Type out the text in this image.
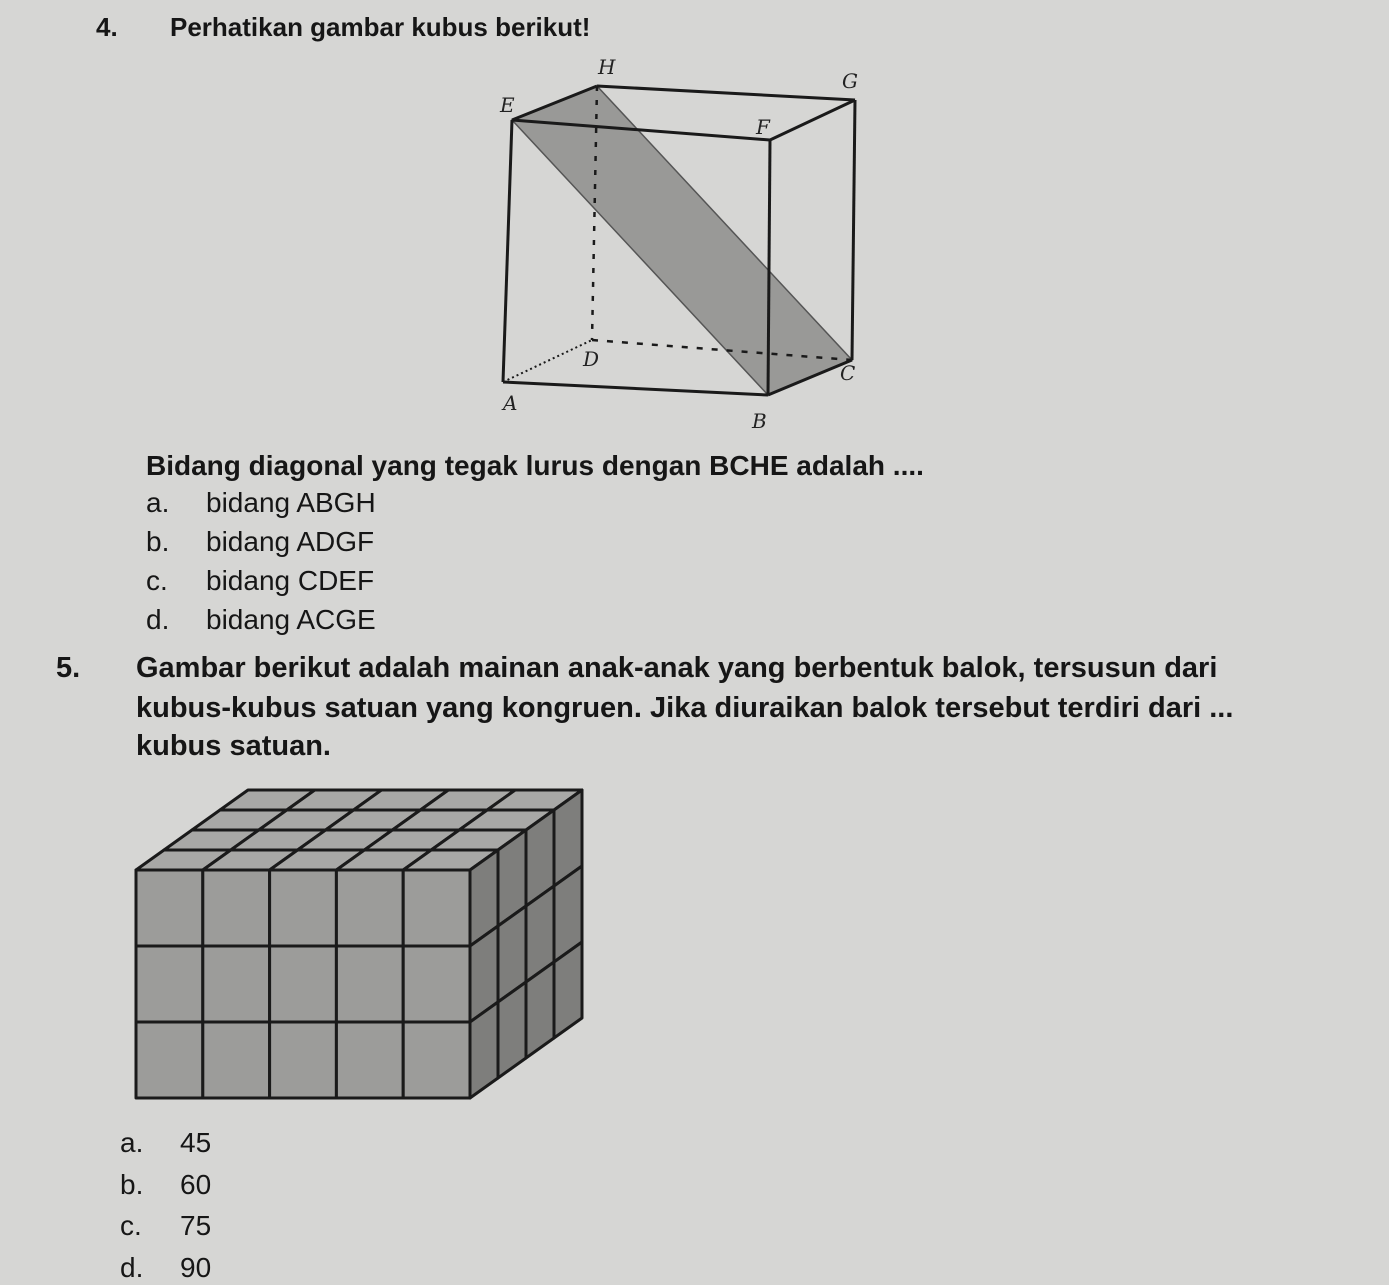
4. Perhatikan gambar kubus berikut!
H
G
E
F
D
C
A
B
Bidang diagonal yang tegak lurus dengan BCHE adalah ....
a. bidang ABGH
b. bidang ADGF
c. bidang CDEF
d. bidang ACGE
5. Gambar berikut adalah mainan anak-anak yang berbentuk balok, tersusun dari
kubus-kubus satuan yang kongruen. Jika diuraikan balok tersebut terdiri dari ...
kubus satuan.
a. 45
b. 60
c. 75
d. 90
